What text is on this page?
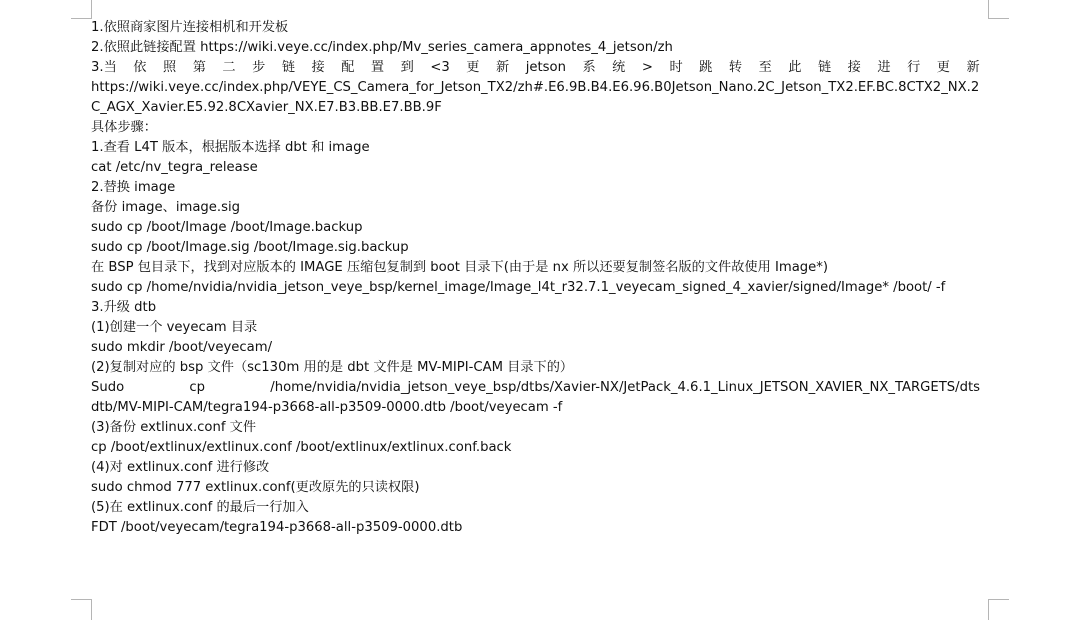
1.依照商家图片连接相机和开发板
2.依照此链接配置 https://wiki.veye.cc/index.php/Mv_series_camera_appnotes_4_jetson/zh
3.当 依 照 第 二 步 链 接 配 置 到 <3 更 新 jetson 系 统 > 时 跳 转 至 此 链 接 进 行 更 新
https://wiki.veye.cc/index.php/VEYE_CS_Camera_for_Jetson_TX2/zh#.E6.9B.B4.E6.96.B0Jetson_Nano.2C_Jetson_TX2.EF.BC.8CTX2_NX.2C_AGX_Xavier.E5.92.8CXavier_NX.E7.B3.BB.E7.BB.9F
具体步骤：
1.查看 L4T 版本，根据版本选择 dbt 和 image
cat /etc/nv_tegra_release
2.替换 image
备份 image、image.sig
sudo cp /boot/Image /boot/Image.backup
sudo cp /boot/Image.sig /boot/Image.sig.backup
在 BSP 包目录下，找到对应版本的 IMAGE 压缩包复制到 boot 目录下(由于是 nx 所以还要复制签名版的文件故使用 Image*)
sudo cp /home/nvidia/nvidia_jetson_veye_bsp/kernel_image/Image_l4t_r32.7.1_veyecam_signed_4_xavier/signed/Image* /boot/ -f
3.升级 dtb
(1)创建一个 veyecam 目录
sudo mkdir /boot/veyecam/
(2)复制对应的 bsp 文件（sc130m 用的是 dbt 文件是 MV-MIPI-CAM 目录下的）
Sudo	cp	/home/nvidia/nvidia_jetson_veye_bsp/dtbs/Xavier-NX/JetPack_4.6.1_Linux_JETSON_XAVIER_NX_TARGETS/dts
dtb/MV-MIPI-CAM/tegra194-p3668-all-p3509-0000.dtb /boot/veyecam -f
(3)备份 extlinux.conf 文件
cp /boot/extlinux/extlinux.conf /boot/extlinux/extlinux.conf.back
(4)对 extlinux.conf 进行修改
sudo chmod 777 extlinux.conf(更改原先的只读权限)
(5)在 extlinux.conf 的最后一行加入
FDT /boot/veyecam/tegra194-p3668-all-p3509-0000.dtb
